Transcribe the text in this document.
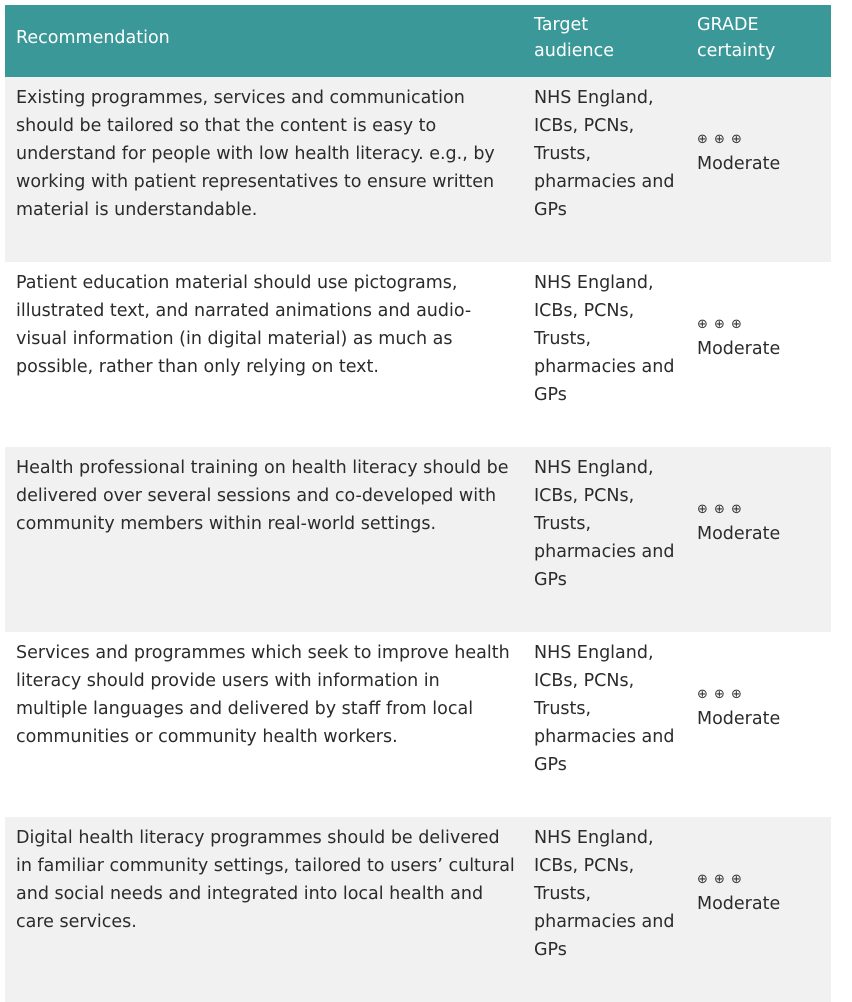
Recommendation
Target audience
GRADE certainty
Existing programmes, services and communication should be tailored so that the content is easy to understand for people with low health literacy. e.g., by working with patient representatives to ensure written material is understandable.
NHS England, ICBs, PCNs, Trusts, pharmacies and GPs
⊕ ⊕ ⊕
Moderate
Patient education material should use pictograms, illustrated text, and narrated animations and audio-visual information (in digital material) as much as possible, rather than only relying on text.
NHS England, ICBs, PCNs, Trusts, pharmacies and GPs
⊕ ⊕ ⊕
Moderate
Health professional training on health literacy should be delivered over several sessions and co-developed with community members within real-world settings.
NHS England, ICBs, PCNs, Trusts, pharmacies and GPs
⊕ ⊕ ⊕
Moderate
Services and programmes which seek to improve health literacy should provide users with information in multiple languages and delivered by staff from local communities or community health workers.
NHS England, ICBs, PCNs, Trusts, pharmacies and GPs
⊕ ⊕ ⊕
Moderate
Digital health literacy programmes should be delivered in familiar community settings, tailored to users’ cultural and social needs and integrated into local health and care services.
NHS England, ICBs, PCNs, Trusts, pharmacies and GPs
⊕ ⊕ ⊕
Moderate
